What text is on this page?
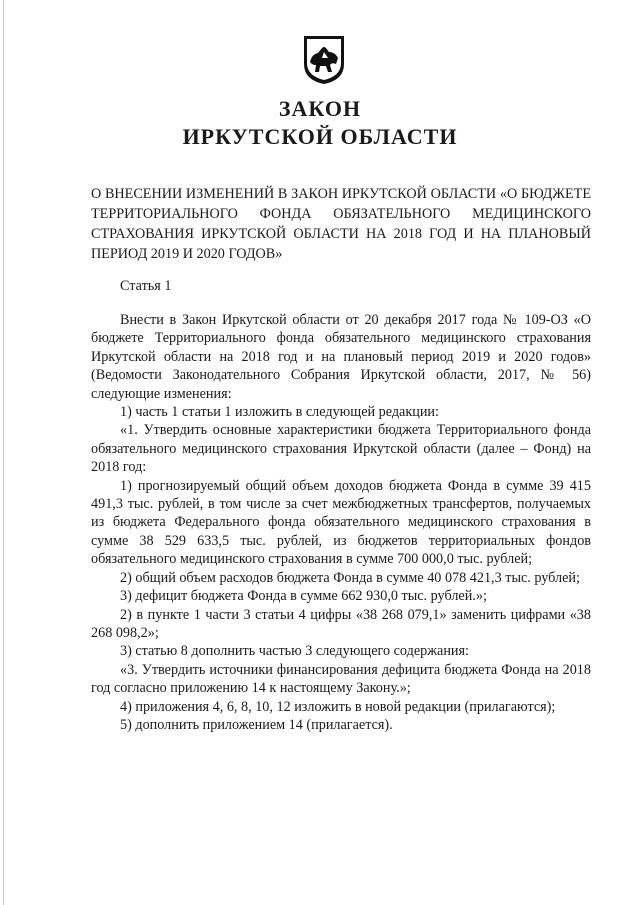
ЗАКОН
ИРКУТСКОЙ ОБЛАСТИ
О ВНЕСЕНИИ ИЗМЕНЕНИЙ В ЗАКОН ИРКУТСКОЙ ОБЛАСТИ «О БЮДЖЕТЕ ТЕРРИТОРИАЛЬНОГО ФОНДА ОБЯЗАТЕЛЬНОГО МЕДИЦИНСКОГО СТРАХОВАНИЯ ИРКУТСКОЙ ОБЛАСТИ НА 2018 ГОД И НА ПЛАНОВЫЙ ПЕРИОД 2019 И 2020 ГОДОВ»
Статья 1

Внести в Закон Иркутской области от 20 декабря 2017 года № 109-ОЗ «О бюджете Территориального фонда обязательного медицинского страхования Иркутской области на 2018 год и на плановый период 2019 и 2020 годов» (Ведомости Законодательного Собрания Иркутской области, 2017, № 56) следующие изменения:

1) часть 1 статьи 1 изложить в следующей редакции:

«1. Утвердить основные характеристики бюджета Территориального фонда обязательного медицинского страхования Иркутской области (далее – Фонд) на 2018 год:

1) прогнозируемый общий объем доходов бюджета Фонда в сумме 39 415 491,3 тыс. рублей, в том числе за счет межбюджетных трансфертов, получаемых из бюджета Федерального фонда обязательного медицинского страхования в сумме 38 529 633,5 тыс. рублей, из бюджетов территориальных фондов обязательного медицинского страхования в сумме 700 000,0 тыс. рублей;

2) общий объем расходов бюджета Фонда в сумме 40 078 421,3 тыс. рублей;

3) дефицит бюджета Фонда в сумме 662 930,0 тыс. рублей.»;

2) в пункте 1 части 3 статьи 4 цифры «38 268 079,1» заменить цифрами «38 268 098,2»;

3) статью 8 дополнить частью 3 следующего содержания:

«3. Утвердить источники финансирования дефицита бюджета Фонда на 2018 год согласно приложению 14 к настоящему Закону.»;

4) приложения 4, 6, 8, 10, 12 изложить в новой редакции (прилагаются);

5) дополнить приложением 14 (прилагается).
